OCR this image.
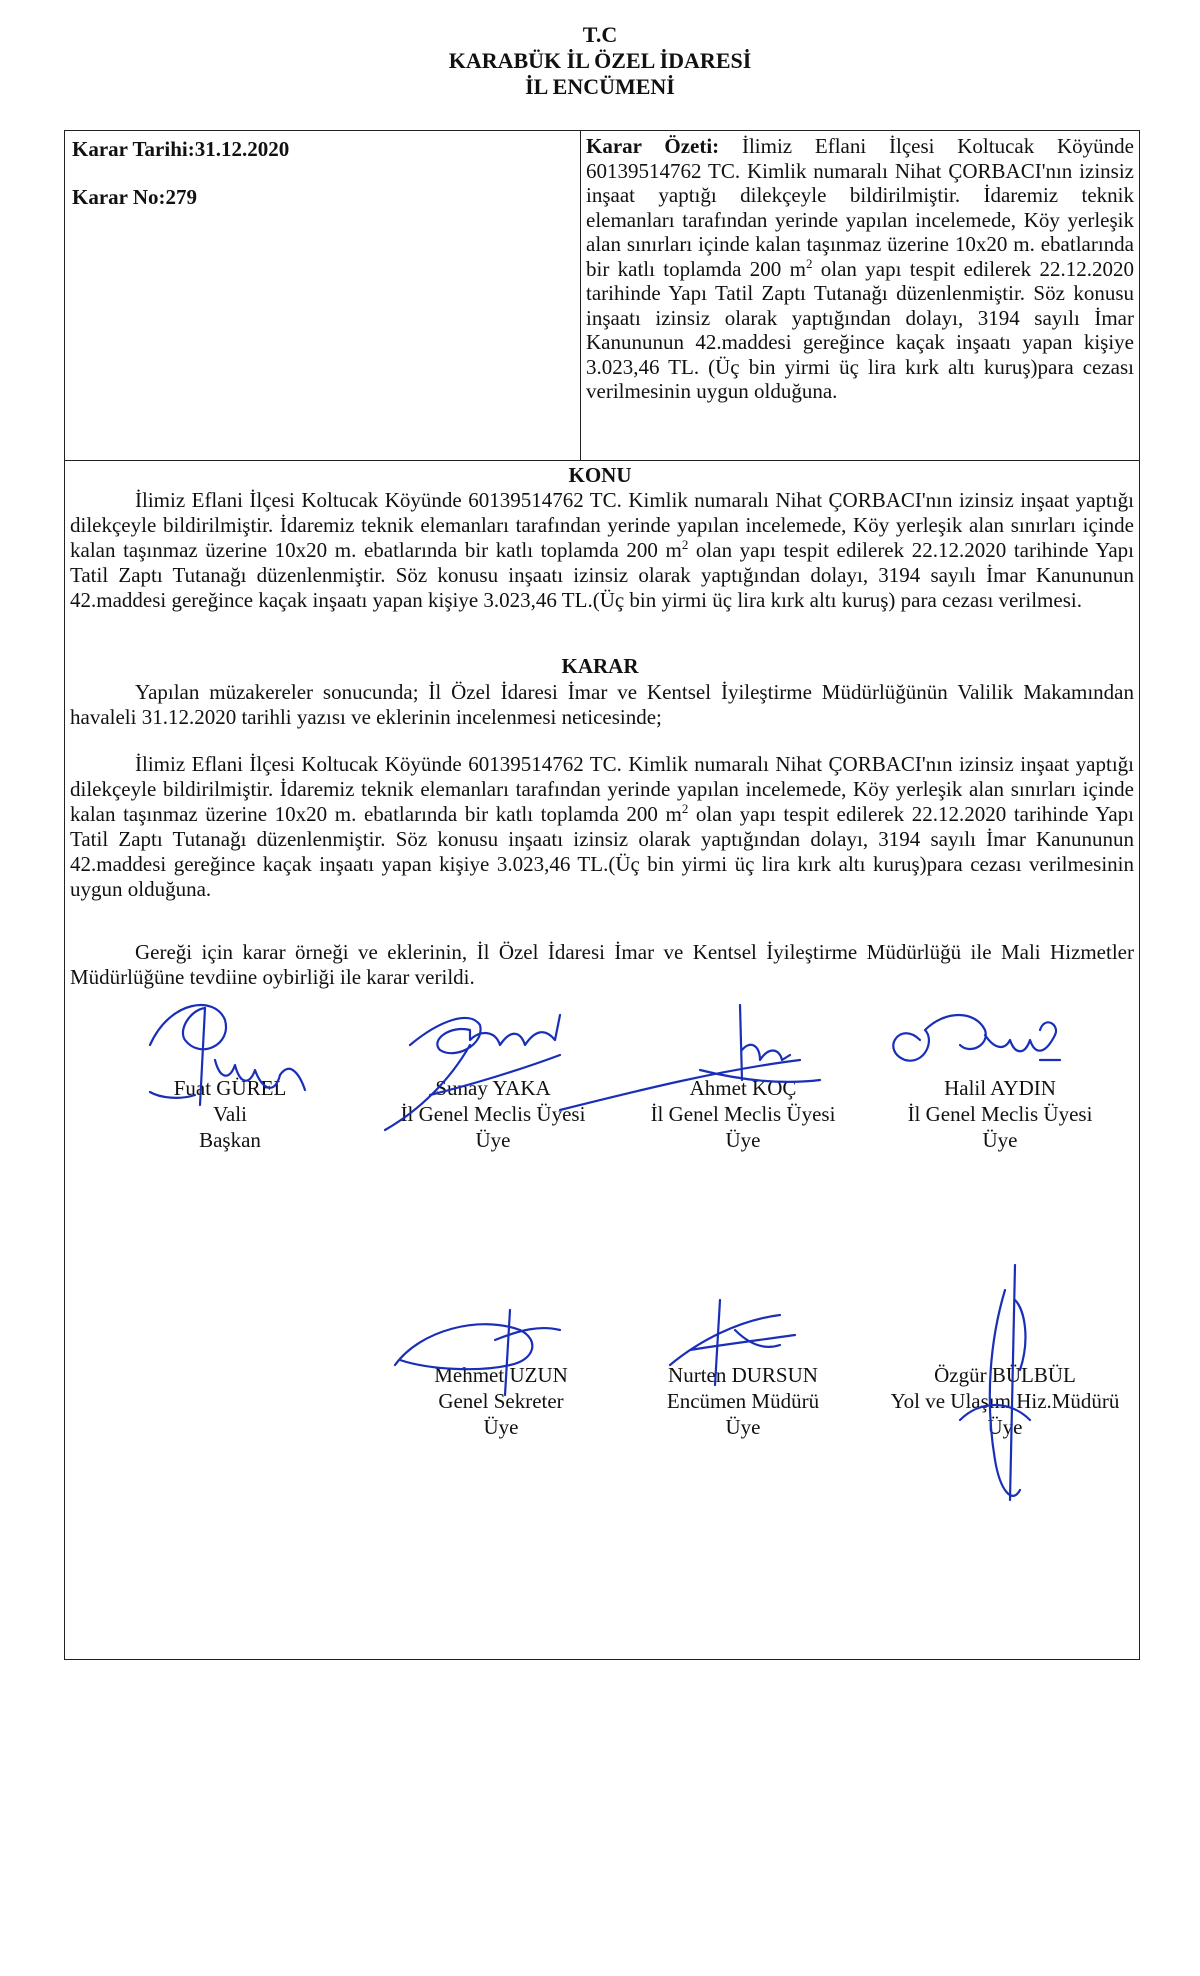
T.C
KARABÜK İL ÖZEL İDARESİ
İL ENCÜMENİ
Karar Tarihi:31.12.2020
Karar No:279
Karar Özeti: İlimiz Eflani İlçesi Koltucak Köyünde 60139514762 TC. Kimlik numaralı Nihat ÇORBACI'nın izinsiz inşaat yaptığı dilekçeyle bildirilmiştir. İdaremiz teknik elemanları tarafından yerinde yapılan incelemede, Köy yerleşik alan sınırları içinde kalan taşınmaz üzerine 10x20 m. ebatlarında bir katlı toplamda 200 $m^2$ olan yapı tespit edilerek 22.12.2020 tarihinde Yapı Tatil Zaptı Tutanağı düzenlenmiştir. Söz konusu inşaatı izinsiz olarak yaptığından dolayı, 3194 sayılı İmar Kanununun 42.maddesi gereğince kaçak inşaatı yapan kişiye 3.023,46 TL. (Üç bin yirmi üç lira kırk altı kuruş)para cezası verilmesinin uygun olduğuna.
KONU
İlimiz Eflani İlçesi Koltucak Köyünde 60139514762 TC. Kimlik numaralı Nihat ÇORBACI'nın izinsiz inşaat yaptığı dilekçeyle bildirilmiştir. İdaremiz teknik elemanları tarafından yerinde yapılan incelemede, Köy yerleşik alan sınırları içinde kalan taşınmaz üzerine 10x20 m. ebatlarında bir katlı toplamda 200 $m^2$ olan yapı tespit edilerek 22.12.2020 tarihinde Yapı Tatil Zaptı Tutanağı düzenlenmiştir. Söz konusu inşaatı izinsiz olarak yaptığından dolayı, 3194 sayılı İmar Kanununun 42.maddesi gereğince kaçak inşaatı yapan kişiye 3.023,46 TL.(Üç bin yirmi üç lira kırk altı kuruş) para cezası verilmesi.
KARAR
Yapılan müzakereler sonucunda; İl Özel İdaresi İmar ve Kentsel İyileştirme Müdürlüğünün Valilik Makamından havaleli 31.12.2020 tarihli yazısı ve eklerinin incelenmesi neticesinde;
İlimiz Eflani İlçesi Koltucak Köyünde 60139514762 TC. Kimlik numaralı Nihat ÇORBACI'nın izinsiz inşaat yaptığı dilekçeyle bildirilmiştir. İdaremiz teknik elemanları tarafından yerinde yapılan incelemede, Köy yerleşik alan sınırları içinde kalan taşınmaz üzerine 10x20 m. ebatlarında bir katlı toplamda 200 $m^2$ olan yapı tespit edilerek 22.12.2020 tarihinde Yapı Tatil Zaptı Tutanağı düzenlenmiştir. Söz konusu inşaatı izinsiz olarak yaptığından dolayı, 3194 sayılı İmar Kanununun 42.maddesi gereğince kaçak inşaatı yapan kişiye 3.023,46 TL.(Üç bin yirmi üç lira kırk altı kuruş)para cezası verilmesinin uygun olduğuna.
Gereği için karar örneği ve eklerinin, İl Özel İdaresi İmar ve Kentsel İyileştirme Müdürlüğü ile Mali Hizmetler Müdürlüğüne tevdiine oybirliği ile karar verildi.
Fuat GÜREL
Vali
Başkan
Sunay YAKA
İl Genel Meclis Üyesi
Üye
Ahmet KOÇ
İl Genel Meclis Üyesi
Üye
Halil AYDIN
İl Genel Meclis Üyesi
Üye
Mehmet UZUN
Genel Sekreter
Üye
Nurten DURSUN
Encümen Müdürü
Üye
Özgür BÜLBÜL
Yol ve Ulaşım Hiz.Müdürü
Üye
